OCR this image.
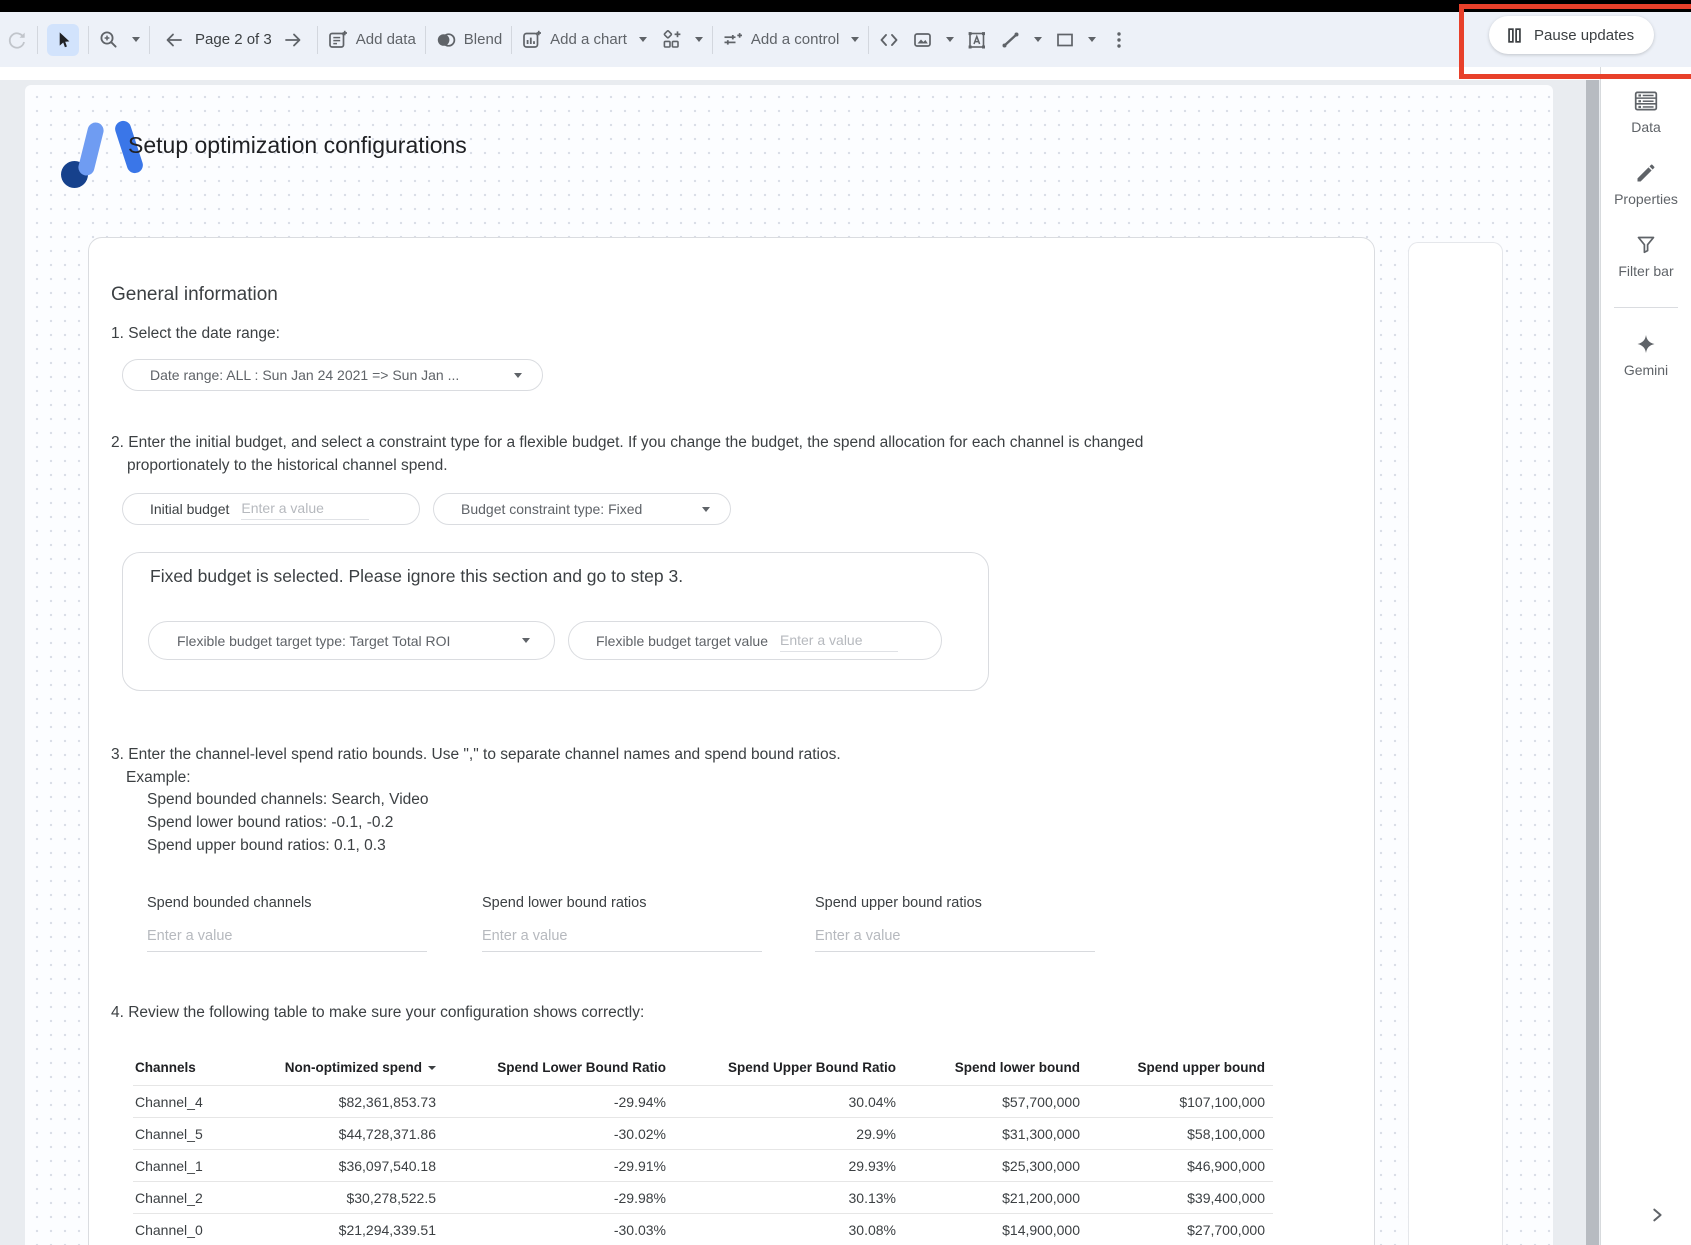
Page 2 of 3	Add data	Blend	Add a chart	Add a control	Pause updates
Setup optimization configurations
General information
1. Select the date range:
Date range: ALL : Sun Jan 24 2021 => Sun Jan ...
2. Enter the initial budget, and select a constraint type for a flexible budget. If you change the budget, the spend allocation for each channel is changed proportionately to the historical channel spend.
Initial budget
Enter a value	Budget constraint type: Fixed
Fixed budget is selected. Please ignore this section and go to step 3.
Flexible budget target type: Target Total ROI	Flexible budget target value
Enter a value
3. Enter the channel-level spend ratio bounds. Use "," to separate channel names and spend bound ratios.
Example:
Spend bounded channels: Search, Video
Spend lower bound ratios: -0.1, -0.2
Spend upper bound ratios: 0.1, 0.3
Spend bounded channels
Enter a value	Spend lower bound ratios
Enter a value	Spend upper bound ratios
Enter a value
4. Review the following table to make sure your configuration shows correctly:
Channels	Non-optimized spend	Spend Lower Bound Ratio	Spend Upper Bound Ratio	Spend lower bound	Spend upper bound
Channel_4	$82,361,853.73	-29.94%	30.04%	$57,700,000	$107,100,000
Channel_5	$44,728,371.86	-30.02%	29.9%	$31,300,000	$58,100,000
Channel_1	$36,097,540.18	-29.91%	29.93%	$25,300,000	$46,900,000
Channel_2	$30,278,522.5	-29.98%	30.13%	$21,200,000	$39,400,000
Channel_0	$21,294,339.51	-30.03%	30.08%	$14,900,000	$27,700,000
Data
Properties
Filter bar
Gemini
